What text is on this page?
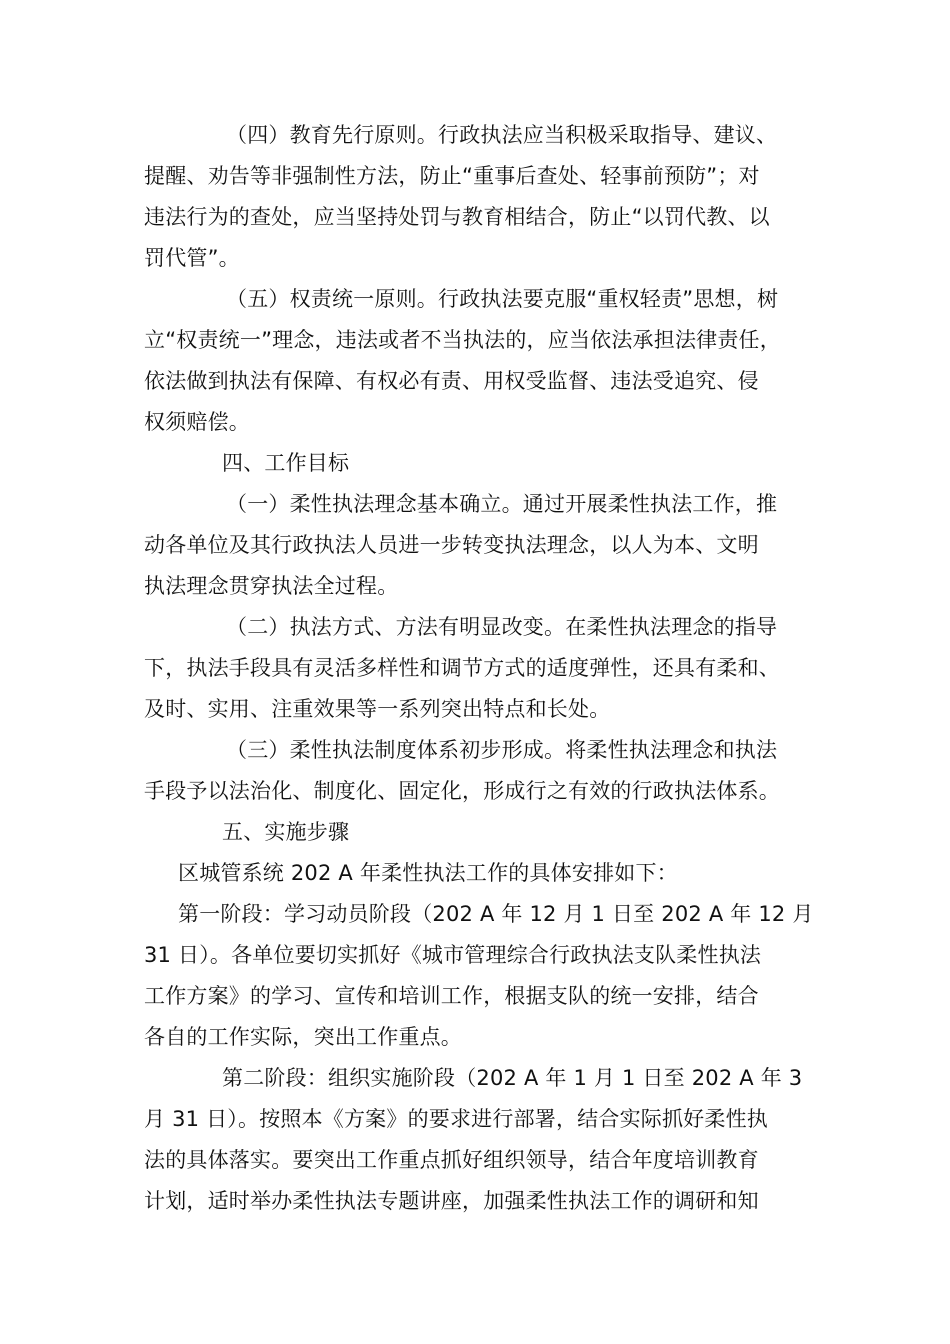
（四）教育先行原则。行政执法应当积极采取指导、建议、

提醒、劝告等非强制性方法，防止“重事后查处、轻事前预防”；对

违法行为的查处，应当坚持处罚与教育相结合，防止“以罚代教、以

罚代管”。

（五）权责统一原则。行政执法要克服“重权轻责”思想，树

立“权责统一”理念，违法或者不当执法的，应当依法承担法律责任，

依法做到执法有保障、有权必有责、用权受监督、违法受追究、侵

权须赔偿。

四、工作目标

（一）柔性执法理念基本确立。通过开展柔性执法工作，推

动各单位及其行政执法人员进一步转变执法理念，以人为本、文明

执法理念贯穿执法全过程。

（二）执法方式、方法有明显改变。在柔性执法理念的指导

下，执法手段具有灵活多样性和调节方式的适度弹性，还具有柔和、

及时、实用、注重效果等一系列突出特点和长处。

（三）柔性执法制度体系初步形成。将柔性执法理念和执法

手段予以法治化、制度化、固定化，形成行之有效的行政执法体系。

五、实施步骤

区城管系统 202 A 年柔性执法工作的具体安排如下：

第一阶段：学习动员阶段（202 A 年 12 月 1 日至 202 A 年 12 月

31 日）。各单位要切实抓好《城市管理综合行政执法支队柔性执法

工作方案》的学习、宣传和培训工作，根据支队的统一安排，结合

各自的工作实际，突出工作重点。

第二阶段：组织实施阶段（202 A 年 1 月 1 日至 202 A 年 3

月 31 日）。按照本《方案》的要求进行部署，结合实际抓好柔性执

法的具体落实。要突出工作重点抓好组织领导，结合年度培训教育

计划，适时举办柔性执法专题讲座，加强柔性执法工作的调研和知
